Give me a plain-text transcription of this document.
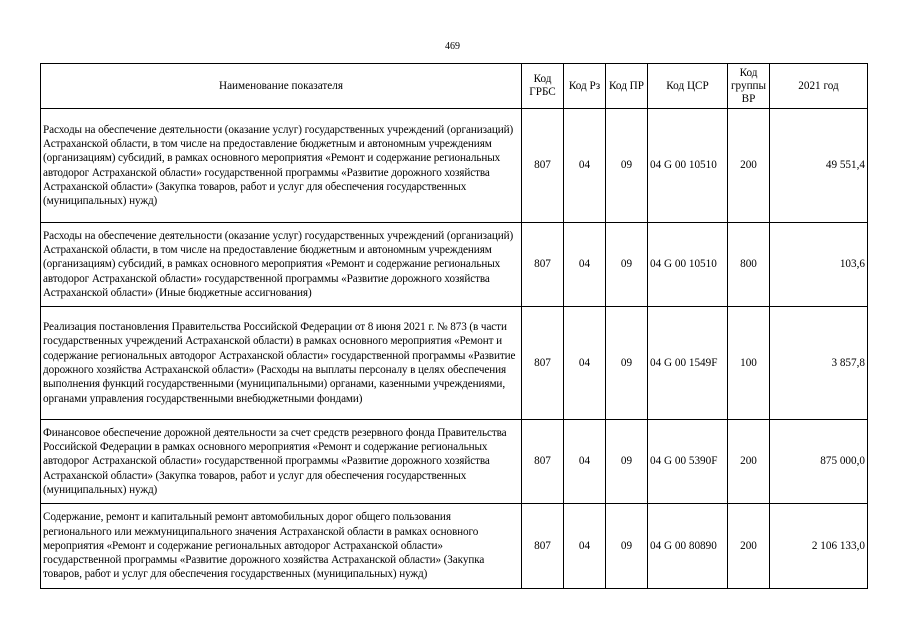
469
Наименование показателя	Код ГРБС	Код Рз	Код ПР	Код ЦСР	Код группы ВР	2021 год
Расходы на обеспечение деятельности (оказание услуг) государственных учреждений (организаций) Астраханской области, в том числе на предоставление бюджетным и автономным учреждениям (организациям) субсидий, в рамках основного мероприятия «Ремонт и содержание региональных автодорог Астраханской области» государственной программы «Развитие дорожного хозяйства Астраханской области» (Закупка товаров, работ и услуг для обеспечения государственных (муниципальных) нужд)	807	04	09	04 G 00 10510	200	49 551,4
Расходы на обеспечение деятельности (оказание услуг) государственных учреждений (организаций) Астраханской области, в том числе на предоставление бюджетным и автономным учреждениям (организациям) субсидий, в рамках основного мероприятия «Ремонт и содержание региональных автодорог Астраханской области» государственной программы «Развитие дорожного хозяйства Астраханской области» (Иные бюджетные ассигнования)	807	04	09	04 G 00 10510	800	103,6
Реализация постановления Правительства Российской Федерации от 8 июня 2021 г. № 873 (в части государственных учреждений Астраханской области) в рамках основного мероприятия «Ремонт и содержание региональных автодорог Астраханской области» государственной программы «Развитие дорожного хозяйства Астраханской области» (Расходы на выплаты персоналу в целях обеспечения выполнения функций государственными (муниципальными) органами, казенными учреждениями, органами управления государственными внебюджетными фондами)	807	04	09	04 G 00 1549F	100	3 857,8
Финансовое обеспечение дорожной деятельности за счет средств резервного фонда Правительства Российской Федерации в рамках основного мероприятия «Ремонт и содержание региональных автодорог Астраханской области» государственной программы «Развитие дорожного хозяйства Астраханской области» (Закупка товаров, работ и услуг для обеспечения государственных (муниципальных) нужд)	807	04	09	04 G 00 5390F	200	875 000,0
Содержание, ремонт и капитальный ремонт автомобильных дорог общего пользования регионального или межмуниципального значения Астраханской области в рамках основного мероприятия «Ремонт и содержание региональных автодорог Астраханской области» государственной программы «Развитие дорожного хозяйства Астраханской области» (Закупка товаров, работ и услуг для обеспечения государственных (муниципальных) нужд)	807	04	09	04 G 00 80890	200	2 106 133,0
